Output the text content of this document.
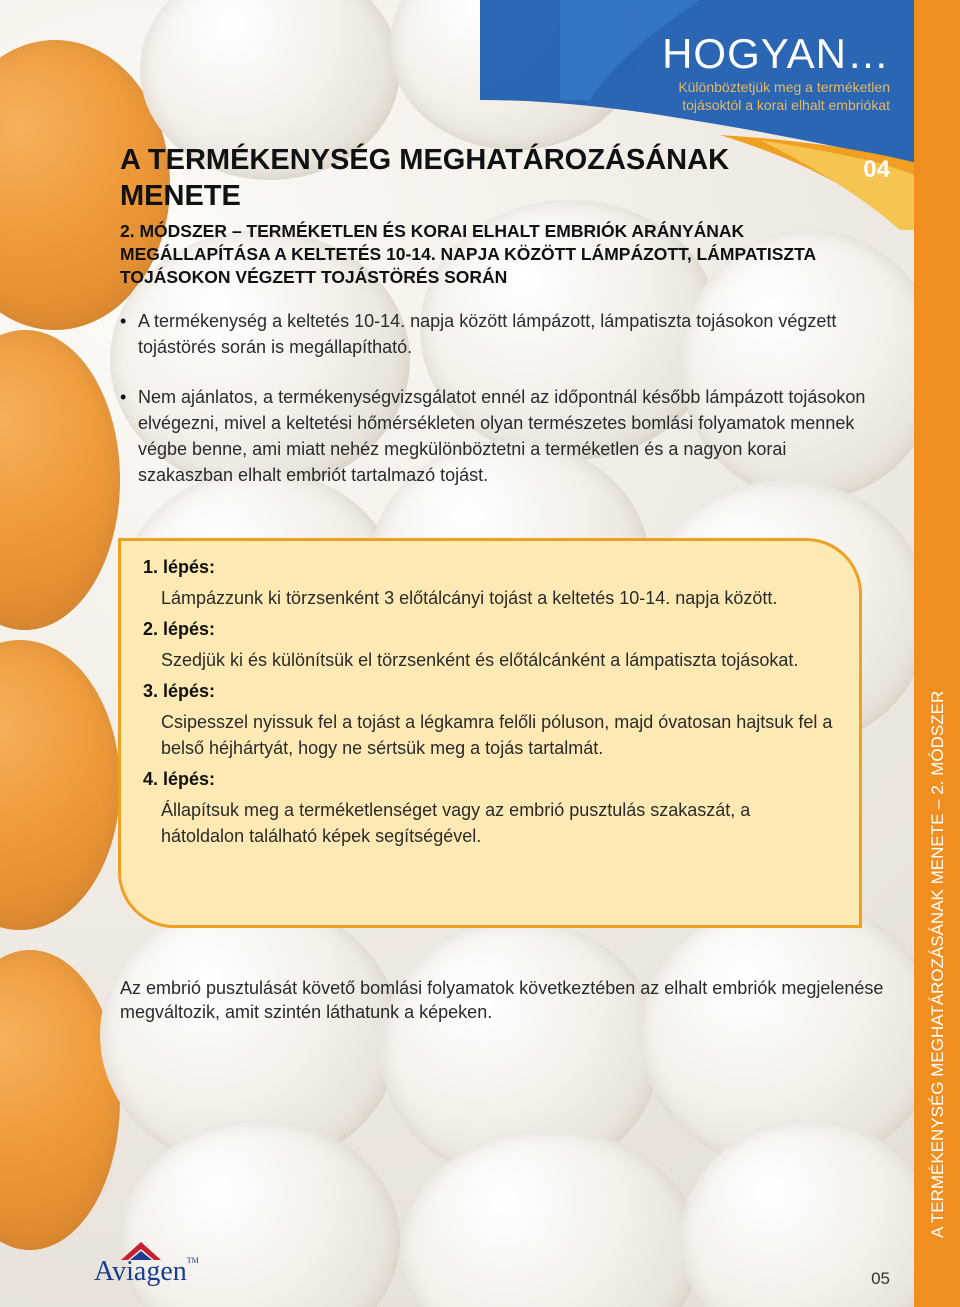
HOGYAN…
Különböztetjük meg a terméketlen tojásoktól a korai elhalt embriókat
04
A TERMÉKENYSÉG MEGHATÁROZÁSÁNAK MENETE
2. MÓDSZER – TERMÉKETLEN ÉS KORAI ELHALT EMBRIÓK ARÁNYÁNAK MEGÁLLAPÍTÁSA A KELTETÉS 10-14. NAPJA KÖZÖTT LÁMPÁZOTT, LÁMPATISZTA TOJÁSOKON VÉGZETT TOJÁSTÖRÉS SORÁN
• A termékenység a keltetés 10-14. napja között lámpázott, lámpatiszta tojásokon végzett tojástörés során is megállapítható.
• Nem ajánlatos, a termékenységvizsgálatot ennél az időpontnál később lámpázott tojásokon elvégezni, mivel a keltetési hőmérsékleten olyan természetes bomlási folyamatok mennek végbe benne, ami miatt nehéz megkülönböztetni a terméketlen és a nagyon korai szakaszban elhalt embriót tartalmazó tojást.
1. lépés:
Lámpázzunk ki törzsenként 3 előtálcányi tojást a keltetés 10-14. napja között.
2. lépés:
Szedjük ki és különítsük el törzsenként és előtálcánként a lámpatiszta tojásokat.
3. lépés:
Csipesszel nyissuk fel a tojást a légkamra felőli póluson, majd óvatosan hajtsuk fel a belső héjhártyát, hogy ne sértsük meg a tojás tartalmát.
4. lépés:
Állapítsuk meg a terméketlenséget vagy az embrió pusztulás szakaszát, a hátoldalon található képek segítségével.
Az embrió pusztulását követő bomlási folyamatok következtében az elhalt embriók megjelenése megváltozik, amit szintén láthatunk a képeken.	A TERMÉKENYSÉG MEGHATÁROZÁSÁNAK MENETE – 2. MÓDSZER
05
Aviagen™
